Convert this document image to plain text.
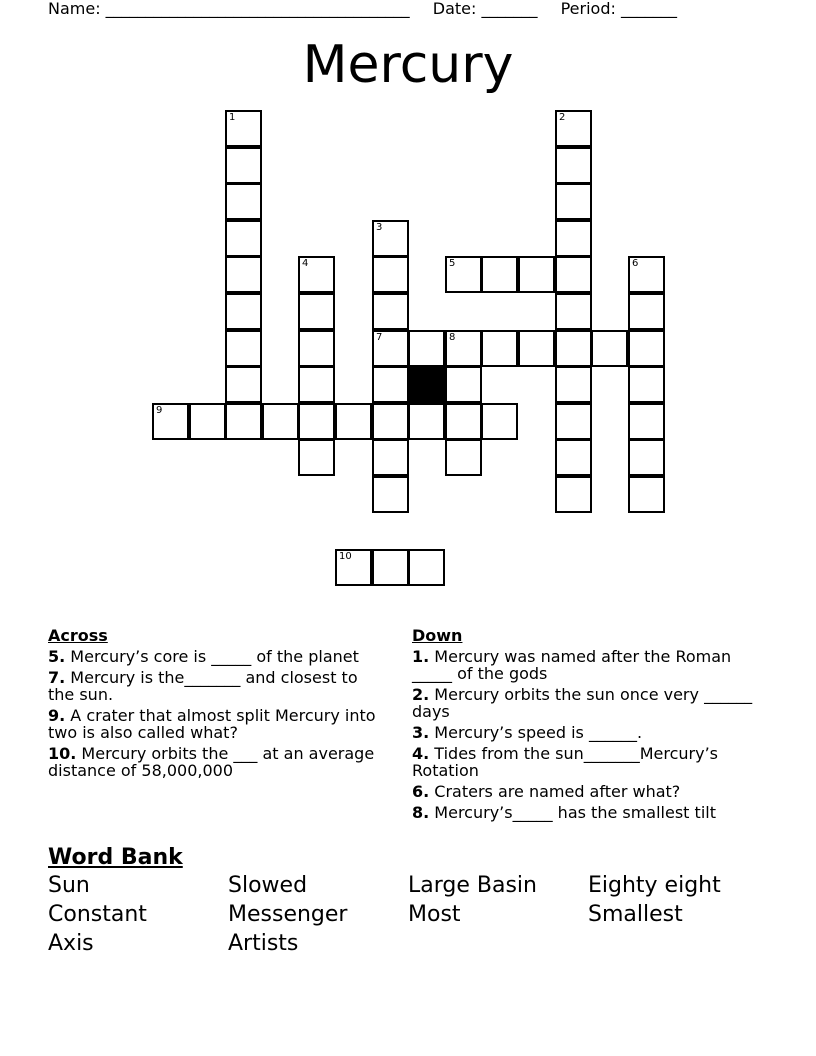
Name: ______________________________________ Date: _______ Period: _______
Mercury
1	2
3
7
4	5	6
8
9
10
Across
5. Mercury’s core is _____ of the planet
7. Mercury is the_______ and closest to the sun.
9. A crater that almost split Mercury into two is also called what?
10. Mercury orbits the ___ at an average distance of 58,000,000
Down
1. Mercury was named after the Roman _____ of the gods
2. Mercury orbits the sun once very ______ days
3. Mercury’s speed is ______.
4. Tides from the sun_______Mercury’s Rotation
6. Craters are named after what?
8. Mercury’s_____ has the smallest tilt
Word Bank
Sun	Slowed	Large Basin	Eighty eight
Constant	Messenger	Most	Smallest
Axis	Artists
